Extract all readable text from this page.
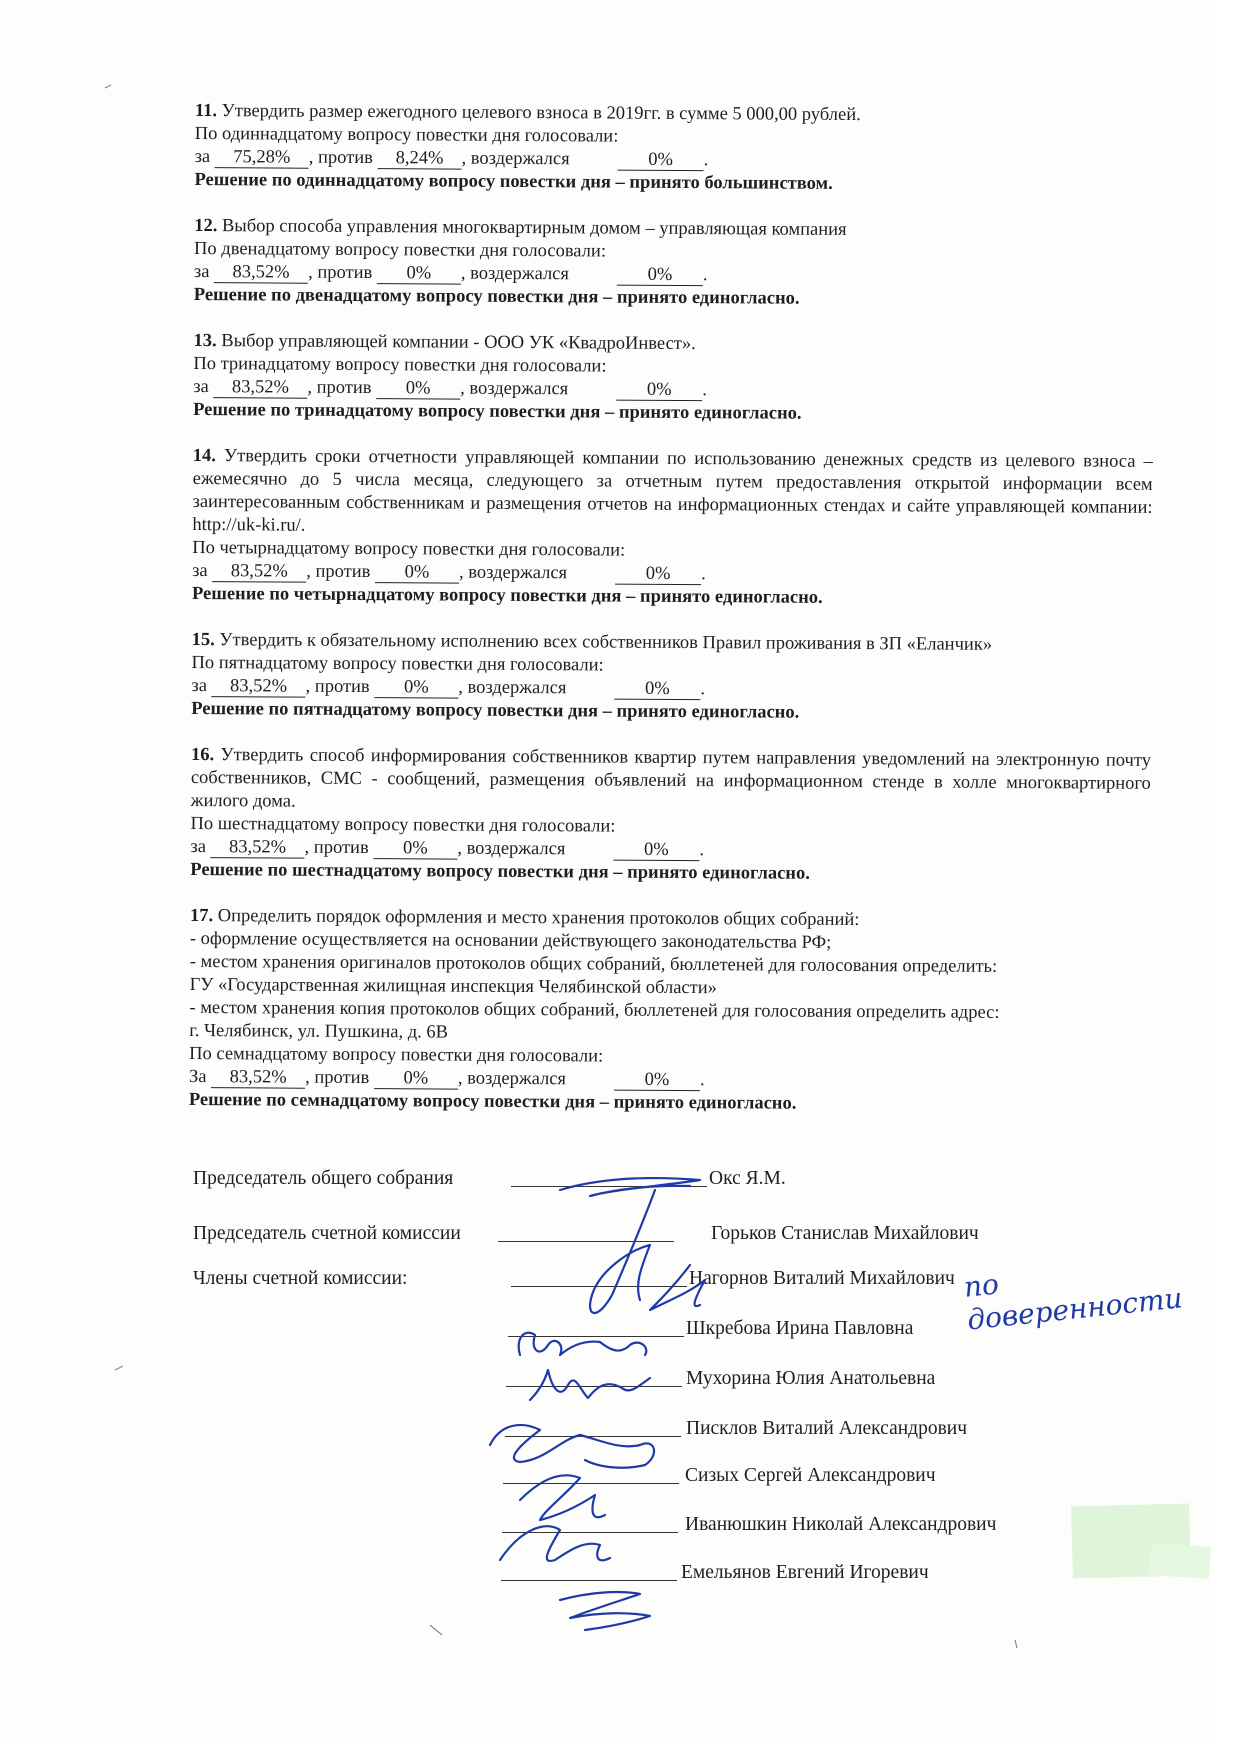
11. Утвердить размер ежегодного целевого взноса в 2019гг. в сумме 5 000,00 рублей.
По одиннадцатому вопросу повестки дня голосовали:
за 75,28% , против 8,24% , воздержался	0% .
Решение по одиннадцатому вопросу повестки дня – принято большинством.
12. Выбор способа управления многоквартирным домом – управляющая компания
По двенадцатому вопросу повестки дня голосовали:
за 83,52% , против 0% , воздержался	0% .
Решение по двенадцатому вопросу повестки дня – принято единогласно.
13. Выбор управляющей компании - ООО УК «КвадроИнвест».
По тринадцатому вопросу повестки дня голосовали:
за 83,52% , против 0% , воздержался	0% .
Решение по тринадцатому вопросу повестки дня – принято единогласно.
14. Утвердить сроки отчетности управляющей компании по использованию денежных средств из целевого взноса – ежемесячно до 5 числа месяца, следующего за отчетным путем предоставления открытой информации всем заинтересованным собственникам и размещения отчетов на информационных стендах и сайте управляющей компании: http://uk-ki.ru/.
По четырнадцатому вопросу повестки дня голосовали:
за 83,52% , против 0% , воздержался	0% .
Решение по четырнадцатому вопросу повестки дня – принято единогласно.
15. Утвердить к обязательному исполнению всех собственников Правил проживания в ЗП «Еланчик»
По пятнадцатому вопросу повестки дня голосовали:
за 83,52% , против 0% , воздержался	0% .
Решение по пятнадцатому вопросу повестки дня – принято единогласно.
16. Утвердить способ информирования собственников квартир путем направления уведомлений на электронную почту собственников, СМС - сообщений, размещения объявлений на информационном стенде в холле многоквартирного жилого дома.
По шестнадцатому вопросу повестки дня голосовали:
за 83,52% , против 0% , воздержался	0% .
Решение по шестнадцатому вопросу повестки дня – принято единогласно.
17. Определить порядок оформления и место хранения протоколов общих собраний:
- оформление осуществляется на основании действующего законодательства РФ;
- местом хранения оригиналов протоколов общих собраний, бюллетеней для голосования определить:
ГУ «Государственная жилищная инспекция Челябинской области»
- местом хранения копия протоколов общих собраний, бюллетеней для голосования определить адрес:
г. Челябинск, ул. Пушкина, д. 6В
По семнадцатому вопросу повестки дня голосовали:
За 83,52% , против 0% , воздержался	0% .
Решение по семнадцатому вопросу повестки дня – принято единогласно.
Председатель общего собрания	Окс Я.М.
Председатель счетной комиссии	Горьков Станислав Михайлович
Члены счетной комиссии:	Нагорнов Виталий Михайлович
Шкребова Ирина Павловна
Мухорина Юлия Анатольевна
Писклов Виталий Александрович
Сизых Сергей Александрович
Иванюшкин Николай Александрович
Емельянов Евгений Игоревич
по доверенности
